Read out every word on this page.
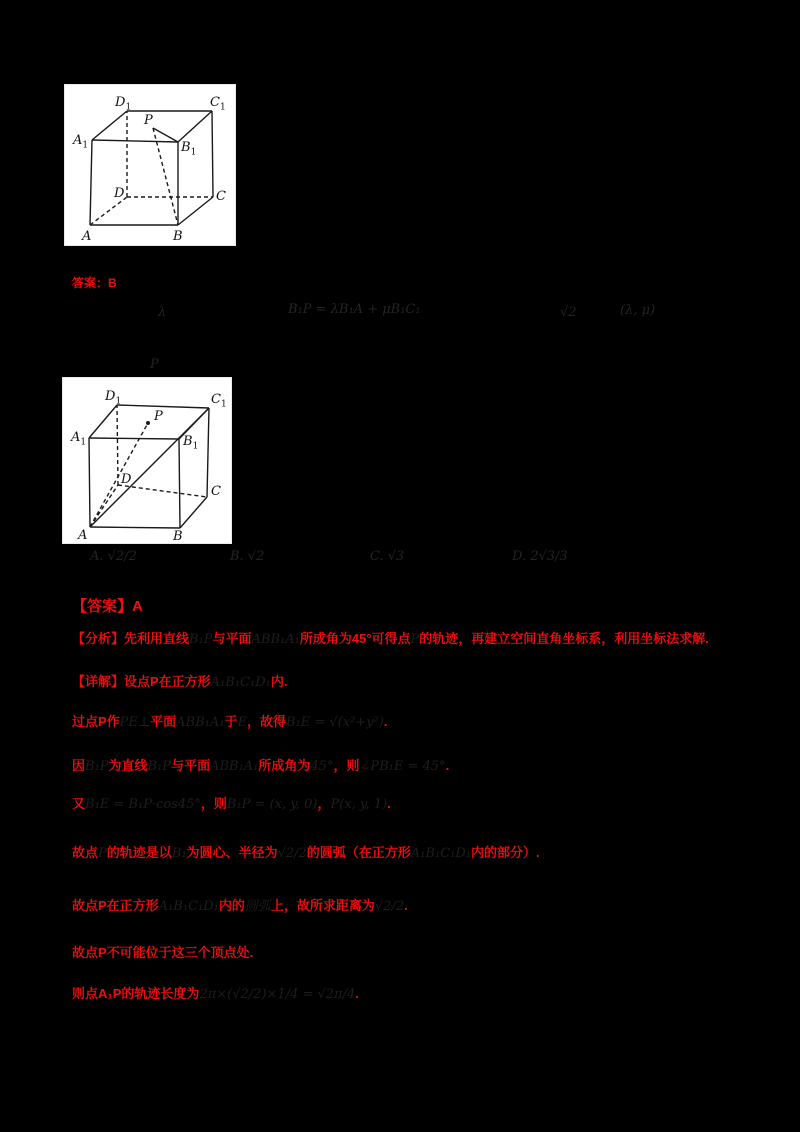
$A_1$	$B_1$
$C_1$
$D_1$
A	B
C
D
P
$D_1$	$C_1$
$A_1$	$B_1$
P
D
C
A	B
λ	B₁P = λB₁A + μB₁C₁	√2	(λ, μ)
P
A. √2/2	B. √2	C. √3	D. 2√3/3
答案：B
【答案】A
【分析】先利用直线B₁P与平面ABB₁A₁所成角为45°可得点P的轨迹，再建立空间直角坐标系，利用坐标法求解.
【详解】设点P在正方形A₁B₁C₁D₁内.
过点P作PE⊥平面ABB₁A₁于E，故得B₁E = √(x²+y²).
因B₁P为直线B₁P与平面ABB₁A₁所成角为45°，则∠PB₁E = 45°.
又B₁E = B₁P·cos45°，则B₁P = (x, y, 0)，P(x, y, 1).
故点P的轨迹是以B₁为圆心、半径为√2/2的圆弧（在正方形A₁B₁C₁D₁内的部分）.
故点P在正方形A₁B₁C₁D₁内的圆弧上，故所求距离为√2/2.
故点P不可能位于这三个顶点处.
则点A₁P的轨迹长度为2π×(√2/2)×1/4 = √2π/4.
